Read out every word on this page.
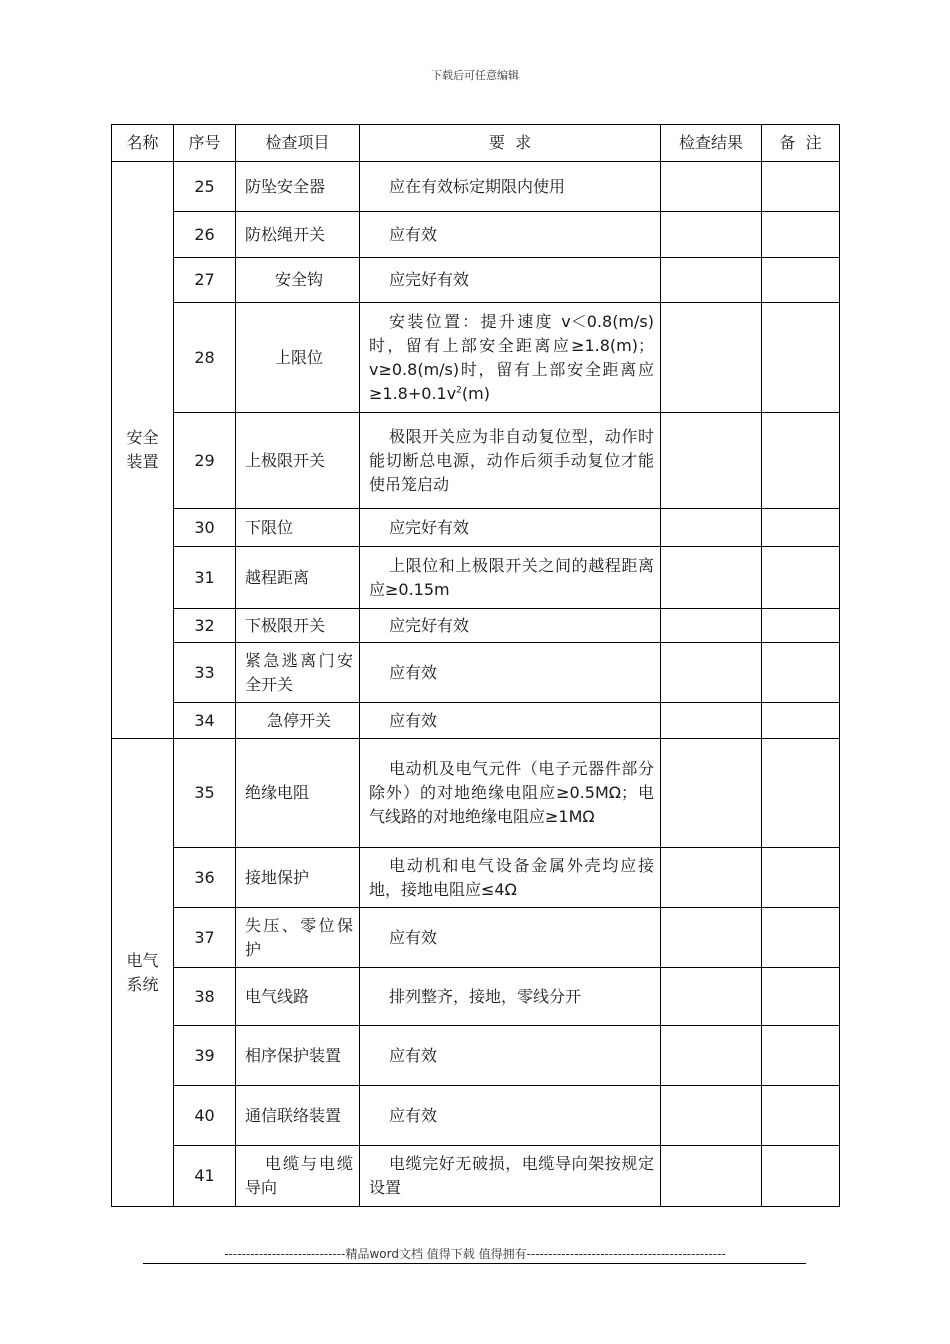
下载后可任意编辑
名称	序号	检查项目	要  求	检查结果	备  注
安全
装置	25	防坠安全器	应在有效标定期限内使用		
	26	防松绳开关	应有效		
	27	安全钩	应完好有效		
	28	上限位	安装位置：提升速度 v＜0.8(m/s) 时，留有上部安全距离应≥1.8(m)；v≥0.8(m/s)时，留有上部安全距离应$\ge 1.8+0.1v^2(m)$		
	29	上极限开关	极限开关应为非自动复位型，动作时能切断总电源，动作后须手动复位才能使吊笼启动		
	30	下限位	应完好有效		
	31	越程距离	上限位和上极限开关之间的越程距离应≥0.15m		
	32	下极限开关	应完好有效		
	33	紧急逃离门安全开关	应有效		
	34	急停开关	应有效		
电气
系统	35	绝缘电阻	电动机及电气元件（电子元器件部分除外）的对地绝缘电阻应≥0.5MΩ；电气线路的对地绝缘电阻应≥1MΩ		
	36	接地保护	电动机和电气设备金属外壳均应接地，接地电阻应≤4Ω		
	37	失压、零位保护	应有效		
	38	电气线路	排列整齐，接地，零线分开		
	39	相序保护装置	应有效		
	40	通信联络装置	应有效		
	41	电缆与电缆导向	电缆完好无破损，电缆导向架按规定设置		
----------------------------精品word文档 值得下载 值得拥有----------------------------------------------
